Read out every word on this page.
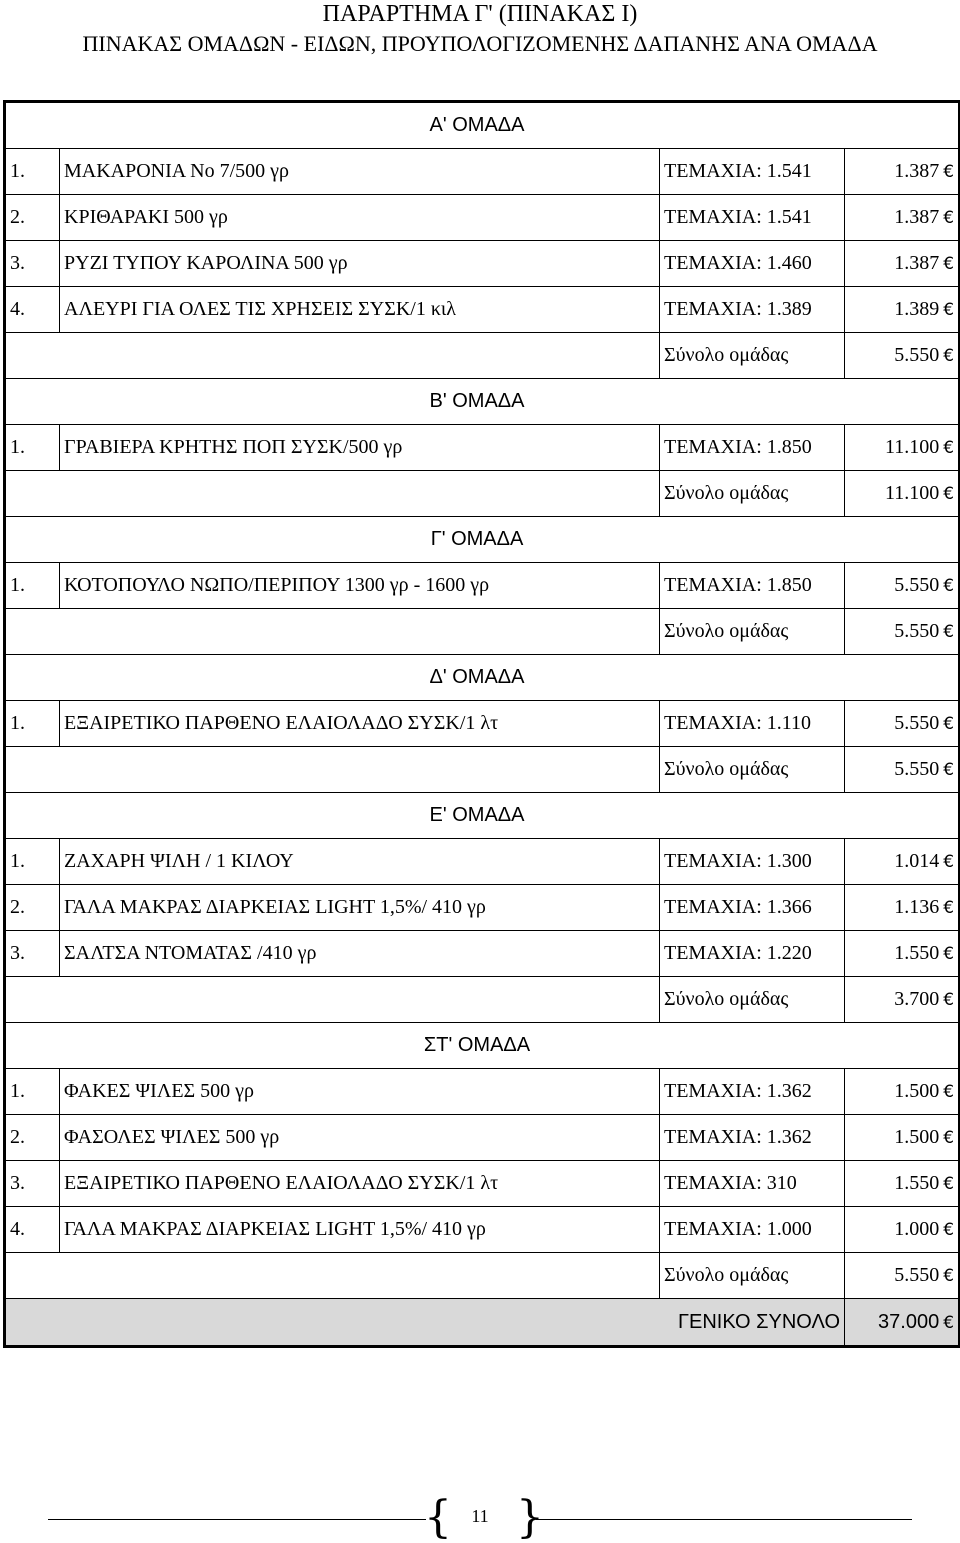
ΠΑΡΑΡΤΗΜΑ Γ' (ΠΙΝΑΚΑΣ Ι)
ΠΙΝΑΚΑΣ ΟΜΑΔΩΝ - ΕΙΔΩΝ, ΠΡΟΥΠΟΛΟΓΙΖΟΜΕΝΗΣ ΔΑΠΑΝΗΣ ΑΝΑ ΟΜΑΔΑ
Α' ΟΜΑΔΑ			
1.	ΜΑΚΑΡΟΝΙΑ Νο 7/500 γρ	ΤΕΜΑΧΙΑ: 1.541	1.387 €
2.	ΚΡΙΘΑΡΑΚΙ 500 γρ	ΤΕΜΑΧΙΑ: 1.541	1.387 €
3.	ΡΥΖΙ ΤΥΠΟΥ ΚΑΡΟΛΙΝΑ 500 γρ	ΤΕΜΑΧΙΑ: 1.460	1.387 €
4.	ΑΛΕΥΡΙ ΓΙΑ ΟΛΕΣ ΤΙΣ ΧΡΗΣΕΙΣ ΣΥΣΚ/1 κιλ	ΤΕΜΑΧΙΑ: 1.389	1.389 €
		Σύνολο ομάδας	5.550 €
Β' ΟΜΑΔΑ			
1.	ΓΡΑΒΙΕΡΑ ΚΡΗΤΗΣ ΠΟΠ ΣΥΣΚ/500 γρ	ΤΕΜΑΧΙΑ: 1.850	11.100 €
		Σύνολο ομάδας	11.100 €
Γ' ΟΜΑΔΑ			
1.	ΚΟΤΟΠΟΥΛΟ ΝΩΠΟ/ΠΕΡΙΠΟΥ 1300 γρ - 1600 γρ	ΤΕΜΑΧΙΑ: 1.850	5.550 €
		Σύνολο ομάδας	5.550 €
Δ' ΟΜΑΔΑ			
1.	ΕΞΑΙΡΕΤΙΚΟ ΠΑΡΘΕΝΟ ΕΛΑΙΟΛΑΔΟ ΣΥΣΚ/1 λτ	ΤΕΜΑΧΙΑ: 1.110	5.550 €
		Σύνολο ομάδας	5.550 €
Ε' ΟΜΑΔΑ			
1.	ΖΑΧΑΡΗ ΨΙΛΗ / 1 ΚΙΛΟΥ	ΤΕΜΑΧΙΑ: 1.300	1.014 €
2.	ΓΑΛΑ ΜΑΚΡΑΣ ΔΙΑΡΚΕΙΑΣ LIGHT 1,5%/ 410 γρ	ΤΕΜΑΧΙΑ: 1.366	1.136 €
3.	ΣΑΛΤΣΑ ΝΤΟΜΑΤΑΣ /410 γρ	ΤΕΜΑΧΙΑ: 1.220	1.550 €
		Σύνολο ομάδας	3.700 €
ΣΤ' ΟΜΑΔΑ			
1.	ΦΑΚΕΣ ΨΙΛΕΣ 500 γρ	ΤΕΜΑΧΙΑ: 1.362	1.500 €
2.	ΦΑΣΟΛΕΣ ΨΙΛΕΣ 500 γρ	ΤΕΜΑΧΙΑ: 1.362	1.500 €
3.	ΕΞΑΙΡΕΤΙΚΟ ΠΑΡΘΕΝΟ ΕΛΑΙΟΛΑΔΟ ΣΥΣΚ/1 λτ	ΤΕΜΑΧΙΑ: 310	1.550 €
4.	ΓΑΛΑ ΜΑΚΡΑΣ ΔΙΑΡΚΕΙΑΣ LIGHT 1,5%/ 410 γρ	ΤΕΜΑΧΙΑ: 1.000	1.000 €
		Σύνολο ομάδας	5.550 €
ΓΕΝΙΚΟ ΣΥΝΟΛΟ			37.000 €
{ }
11
